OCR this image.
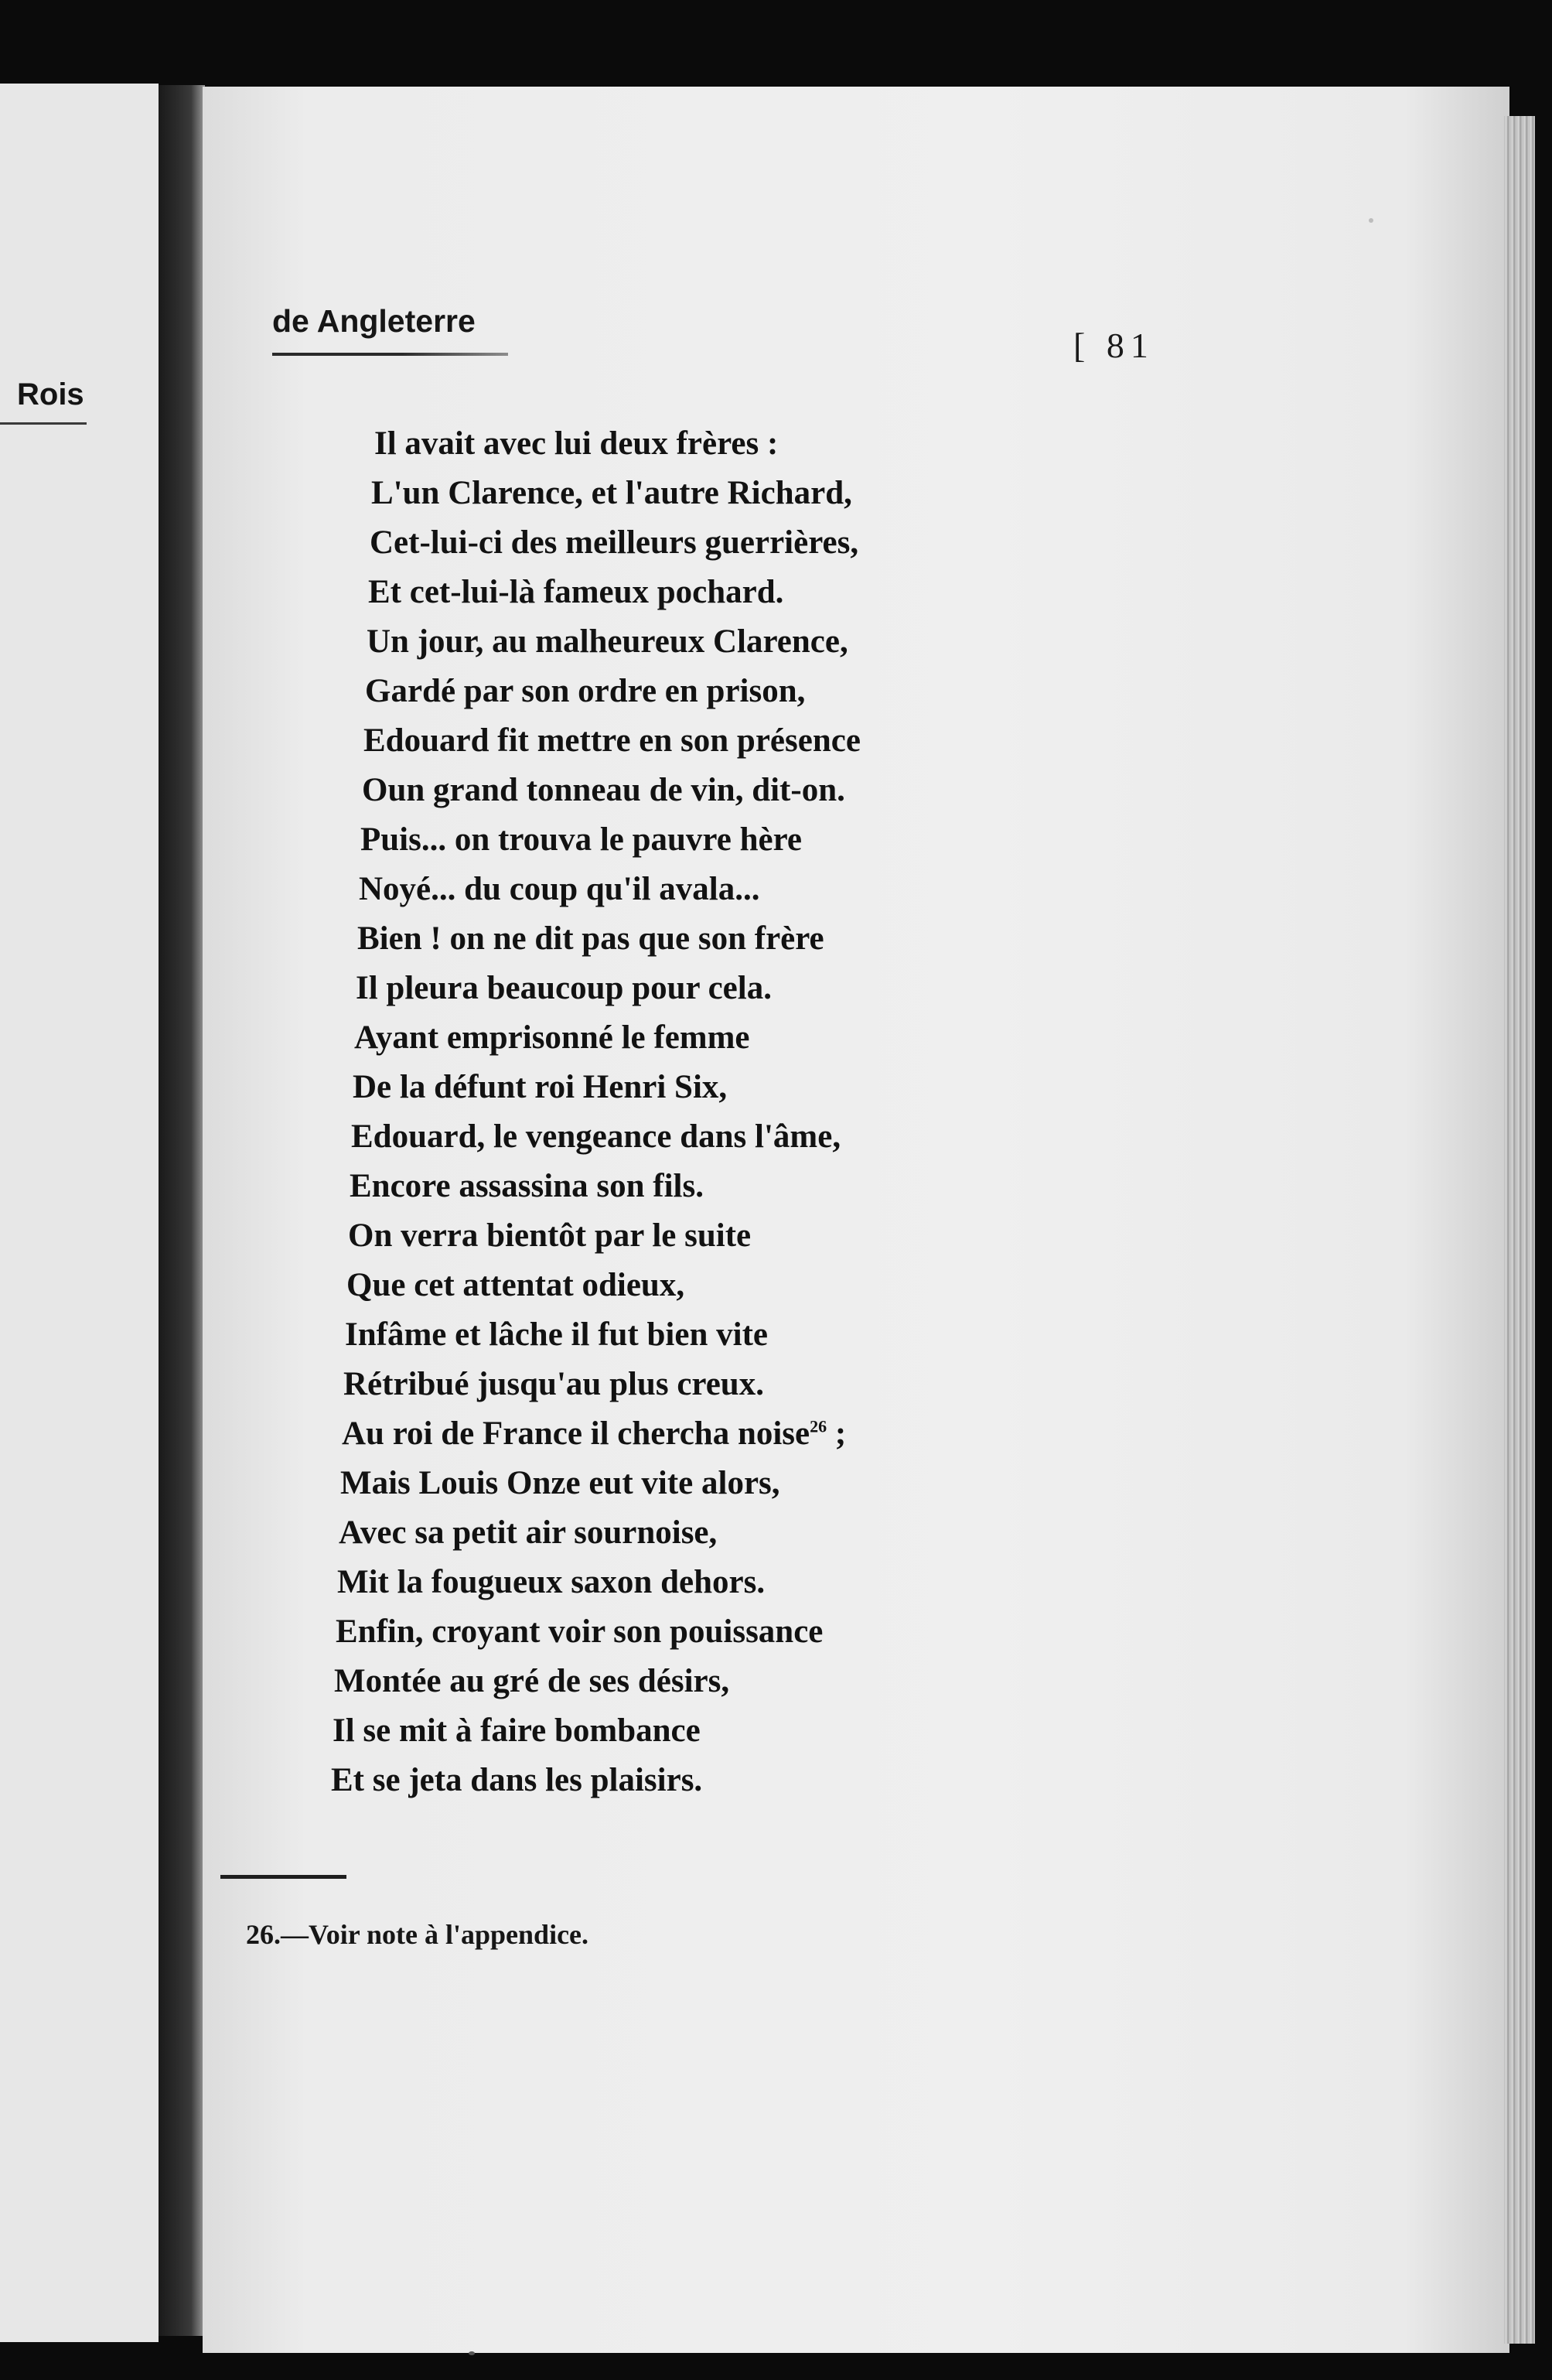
Rois
de Angleterre
[ 81
Il avait avec lui deux frères :
L'un Clarence, et l'autre Richard,
Cet-lui-ci des meilleurs guerrières,
Et cet-lui-là fameux pochard.
Un jour, au malheureux Clarence,
Gardé par son ordre en prison,
Edouard fit mettre en son présence
Oun grand tonneau de vin, dit-on.
Puis... on trouva le pauvre hère
Noyé... du coup qu'il avala...
Bien ! on ne dit pas que son frère
Il pleura beaucoup pour cela.
Ayant emprisonné le femme
De la défunt roi Henri Six,
Edouard, le vengeance dans l'âme,
Encore assassina son fils.
On verra bientôt par le suite
Que cet attentat odieux,
Infâme et lâche il fut bien vite
Rétribué jusqu'au plus creux.
Au roi de France il chercha noise$^{26}$ ;
Mais Louis Onze eut vite alors,
Avec sa petit air sournoise,
Mit la fougueux saxon dehors.
Enfin, croyant voir son pouissance
Montée au gré de ses désirs,
Il se mit à faire bombance
Et se jeta dans les plaisirs.
26.—Voir note à l'appendice.
